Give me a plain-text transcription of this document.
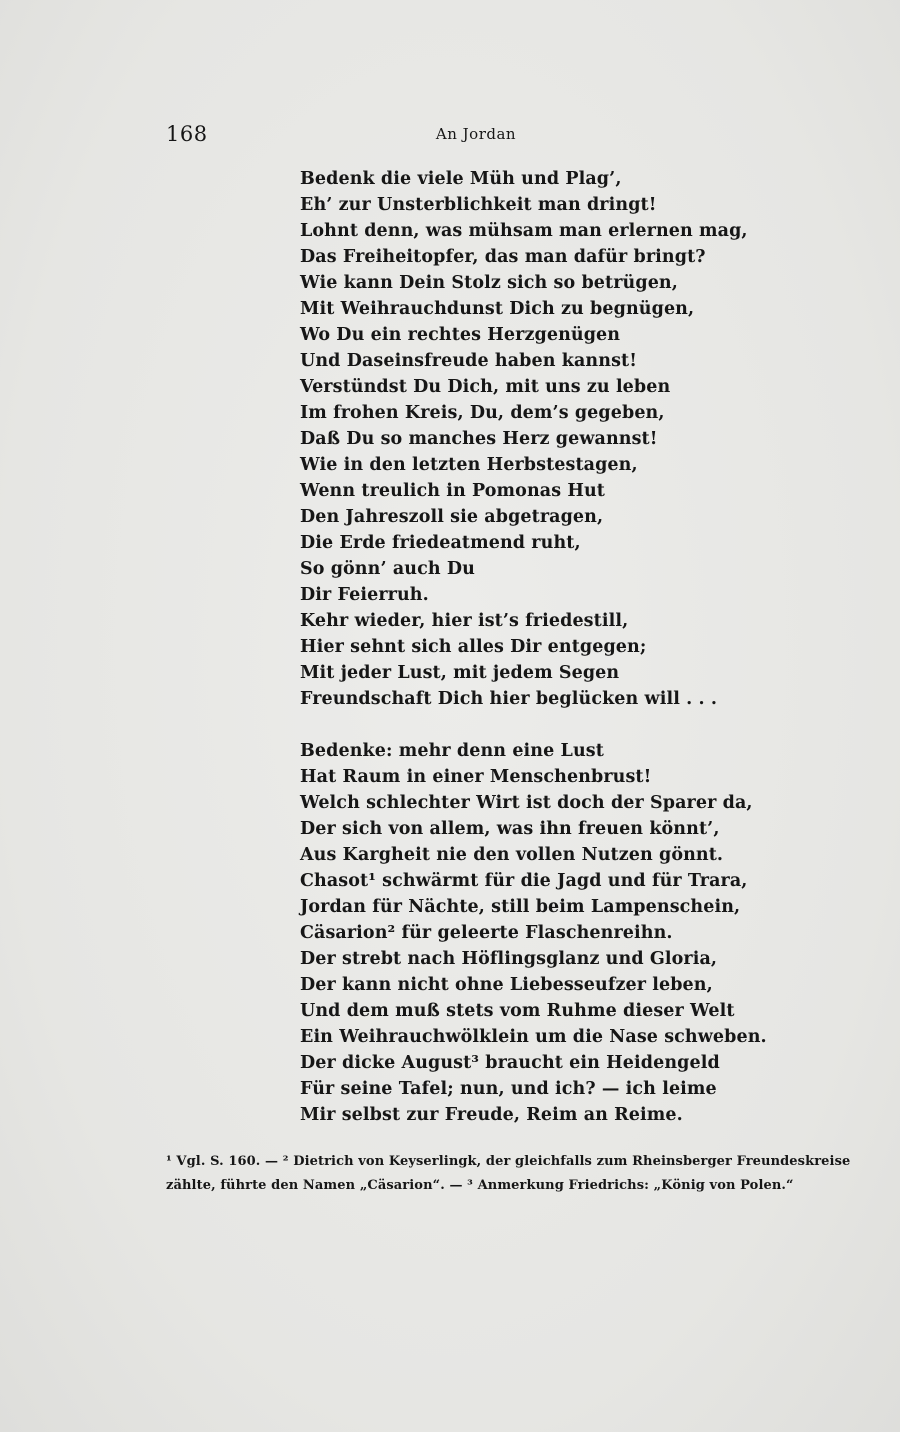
168	An Jordan
Bedenk die viele Müh und Plag’,
Eh’ zur Unsterblichkeit man dringt!
Lohnt denn, was mühsam man erlernen mag,
Das Freiheitopfer, das man dafür bringt?
Wie kann Dein Stolz sich so betrügen,
Mit Weihrauchdunst Dich zu begnügen,
Wo Du ein rechtes Herzgenügen
Und Daseinsfreude haben kannst!
Verstündst Du Dich, mit uns zu leben
Im frohen Kreis, Du, dem’s gegeben,
Daß Du so manches Herz gewannst!
Wie in den letzten Herbstestagen,
Wenn treulich in Pomonas Hut
Den Jahreszoll sie abgetragen,
Die Erde friedeatmend ruht,
So gönn’ auch Du
Dir Feierruh.
Kehr wieder, hier ist’s friedestill,
Hier sehnt sich alles Dir entgegen;
Mit jeder Lust, mit jedem Segen
Freundschaft Dich hier beglücken will . . .
Bedenke: mehr denn eine Lust
Hat Raum in einer Menschenbrust!
Welch schlechter Wirt ist doch der Sparer da,
Der sich von allem, was ihn freuen könnt’,
Aus Kargheit nie den vollen Nutzen gönnt.
Chasot¹ schwärmt für die Jagd und für Trara,
Jordan für Nächte, still beim Lampenschein,
Cäsarion² für geleerte Flaschenreihn.
Der strebt nach Höflingsglanz und Gloria,
Der kann nicht ohne Liebesseufzer leben,
Und dem muß stets vom Ruhme dieser Welt
Ein Weihrauchwölklein um die Nase schweben.
Der dicke August³ braucht ein Heidengeld
Für seine Tafel; nun, und ich? — ich leime
Mir selbst zur Freude, Reim an Reime.
¹ Vgl. S. 160. — ² Dietrich von Keyserlingk, der gleichfalls zum Rheinsberger Freundeskreise
zählte, führte den Namen „Cäsarion“. — ³ Anmerkung Friedrichs: „König von Polen.“
